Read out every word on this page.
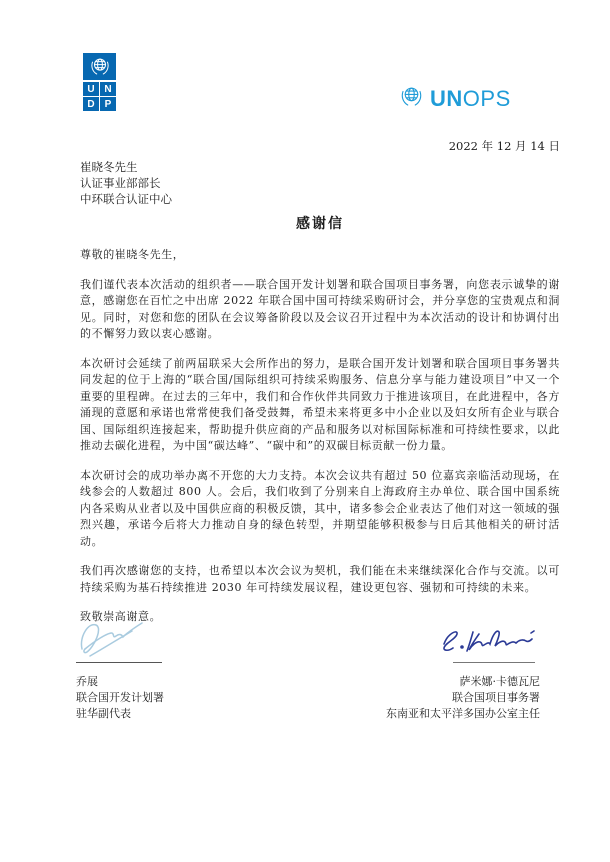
U N
D	P	UNOPS
2022 年 12 月 14 日
崔晓冬先生
认证事业部部长
中环联合认证中心
感谢信

尊敬的崔晓冬先生，

我们谨代表本次活动的组织者——联合国开发计划署和联合国项目事务署，向您表示诚挚的谢意，感谢您在百忙之中出席 2022 年联合国中国可持续采购研讨会，并分享您的宝贵观点和洞见。同时，对您和您的团队在会议筹备阶段以及会议召开过程中为本次活动的设计和协调付出的不懈努力致以衷心感谢。

本次研讨会延续了前两届联采大会所作出的努力，是联合国开发计划署和联合国项目事务署共同发起的位于上海的“联合国/国际组织可持续采购服务、信息分享与能力建设项目”中又一个重要的里程碑。在过去的三年中，我们和合作伙伴共同致力于推进该项目，在此进程中，各方涌现的意愿和承诺也常常使我们备受鼓舞，希望未来将更多中小企业以及妇女所有企业与联合国、国际组织连接起来，帮助提升供应商的产品和服务以对标国际标准和可持续性要求，以此推动去碳化进程，为中国“碳达峰”、“碳中和”的双碳目标贡献一份力量。

本次研讨会的成功举办离不开您的大力支持。本次会议共有超过 50 位嘉宾亲临活动现场，在线参会的人数超过 800 人。会后，我们收到了分别来自上海政府主办单位、联合国中国系统内各采购从业者以及中国供应商的积极反馈，其中，诸多参会企业表达了他们对这一领域的强烈兴趣，承诺今后将大力推动自身的绿色转型，并期望能够积极参与日后其他相关的研讨活动。

我们再次感谢您的支持，也希望以本次会议为契机，我们能在未来继续深化合作与交流。以可持续采购为基石持续推进 2030 年可持续发展议程，建设更包容、强韧和可持续的未来。

致敬崇高谢意。

乔展
联合国开发计划署
驻华副代表
萨米娜·卡德瓦尼
联合国项目事务署
东南亚和太平洋多国办公室主任
